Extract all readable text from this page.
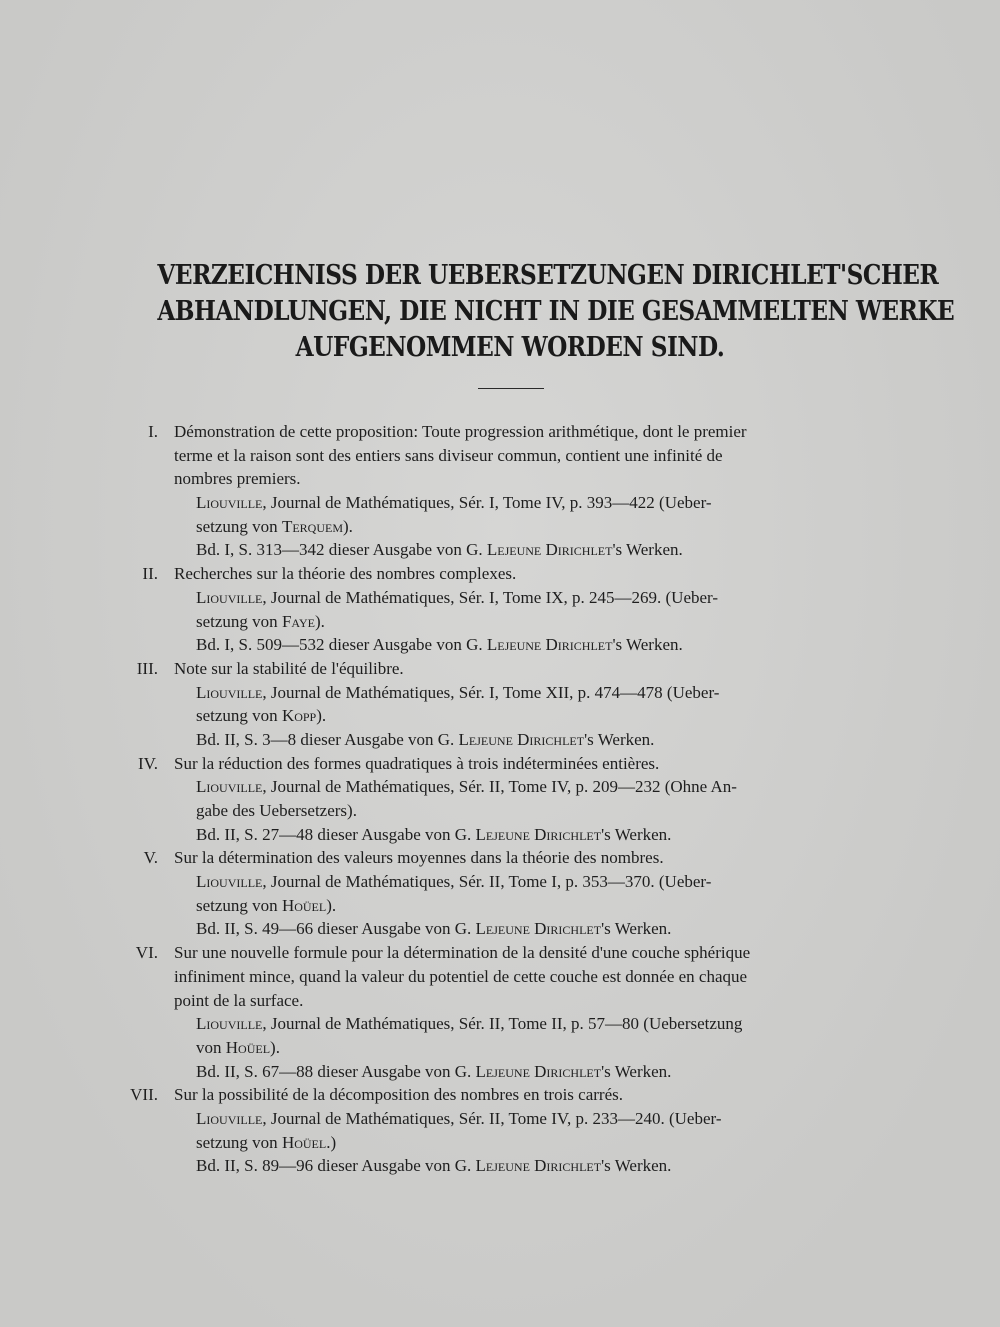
VERZEICHNISS DER UEBERSETZUNGEN DIRICHLET'SCHER
ABHANDLUNGEN, DIE NICHT IN DIE GESAMMELTEN WERKE
AUFGENOMMEN WORDEN SIND.
I. Démonstration de cette proposition: Toute progression arithmétique, dont le premier
terme et la raison sont des entiers sans diviseur commun, contient une infinité de
nombres premiers.
Liouville, Journal de Mathématiques, Sér. I, Tome IV, p. 393—422 (Ueber-
setzung von Terquem).
Bd. I, S. 313—342 dieser Ausgabe von G. Lejeune Dirichlet's Werken.
II. Recherches sur la théorie des nombres complexes.
Liouville, Journal de Mathématiques, Sér. I, Tome IX, p. 245—269. (Ueber-
setzung von Faye).
Bd. I, S. 509—532 dieser Ausgabe von G. Lejeune Dirichlet's Werken.
III. Note sur la stabilité de l'équilibre.
Liouville, Journal de Mathématiques, Sér. I, Tome XII, p. 474—478 (Ueber-
setzung von Kopp).
Bd. II, S. 3—8 dieser Ausgabe von G. Lejeune Dirichlet's Werken.
IV. Sur la réduction des formes quadratiques à trois indéterminées entières.
Liouville, Journal de Mathématiques, Sér. II, Tome IV, p. 209—232 (Ohne An-
gabe des Uebersetzers).
Bd. II, S. 27—48 dieser Ausgabe von G. Lejeune Dirichlet's Werken.
V. Sur la détermination des valeurs moyennes dans la théorie des nombres.
Liouville, Journal de Mathématiques, Sér. II, Tome I, p. 353—370. (Ueber-
setzung von Hoüel).
Bd. II, S. 49—66 dieser Ausgabe von G. Lejeune Dirichlet's Werken.
VI. Sur une nouvelle formule pour la détermination de la densité d'une couche sphérique
infiniment mince, quand la valeur du potentiel de cette couche est donnée en chaque
point de la surface.
Liouville, Journal de Mathématiques, Sér. II, Tome II, p. 57—80 (Uebersetzung
von Hoüel).
Bd. II, S. 67—88 dieser Ausgabe von G. Lejeune Dirichlet's Werken.
VII. Sur la possibilité de la décomposition des nombres en trois carrés.
Liouville, Journal de Mathématiques, Sér. II, Tome IV, p. 233—240. (Ueber-
setzung von Hoüel.)
Bd. II, S. 89—96 dieser Ausgabe von G. Lejeune Dirichlet's Werken.
